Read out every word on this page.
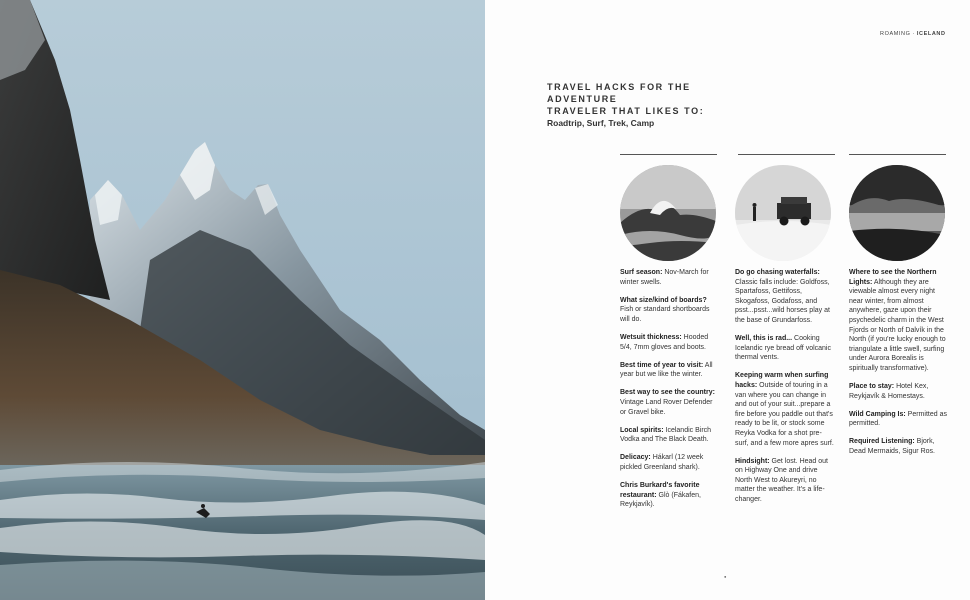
ROAMING · ICELAND
TRAVEL HACKS FOR THE ADVENTURE
TRAVELER THAT LIKES TO:
Roadtrip, Surf, Trek, Camp

Surf season: Nov-March for winter swells.

What size/kind of boards? Fish or standard shortboards will do.

Wetsuit thickness: Hooded 5/4, 7mm gloves and boots.

Best time of year to visit: All year but we like the winter.

Best way to see the country: Vintage Land Rover Defender or Gravel bike.

Local spirits: Icelandic Birch Vodka and The Black Death.

Delicacy: Hákarl (12 week pickled Greenland shark).

Chris Burkard's favorite restaurant: Glò (Fákafen, Reykjavík).

Do go chasing waterfalls: Classic falls include: Goldfoss, Spartafoss, Gettifoss, Skogafoss, Godafoss, and psst...psst...wild horses play at the base of Grundarfoss.

Well, this is rad... Cooking Icelandic rye bread off volcanic thermal vents.

Keeping warm when surfing hacks: Outside of touring in a van where you can change in and out of your suit...prepare a fire before you paddle out that's ready to be lit, or stock some Reyka Vodka for a shot pre-surf, and a few more apres surf.

Hindsight: Get lost. Head out on Highway One and drive North West to Akureyri, no matter the weather. It's a life-changer.

Where to see the Northern Lights: Although they are viewable almost every night near winter, from almost anywhere, gaze upon their psychedelic charm in the West Fjords or North of Dalvík in the North (if you're lucky enough to triangulate a little swell, surfing under Aurora Borealis is spiritually transformative).

Place to stay: Hotel Kex, Reykjavík & Homestays.

Wild Camping Is: Permitted as permitted.

Required Listening: Bjork, Dead Mermaids, Sigur Ros.

●
